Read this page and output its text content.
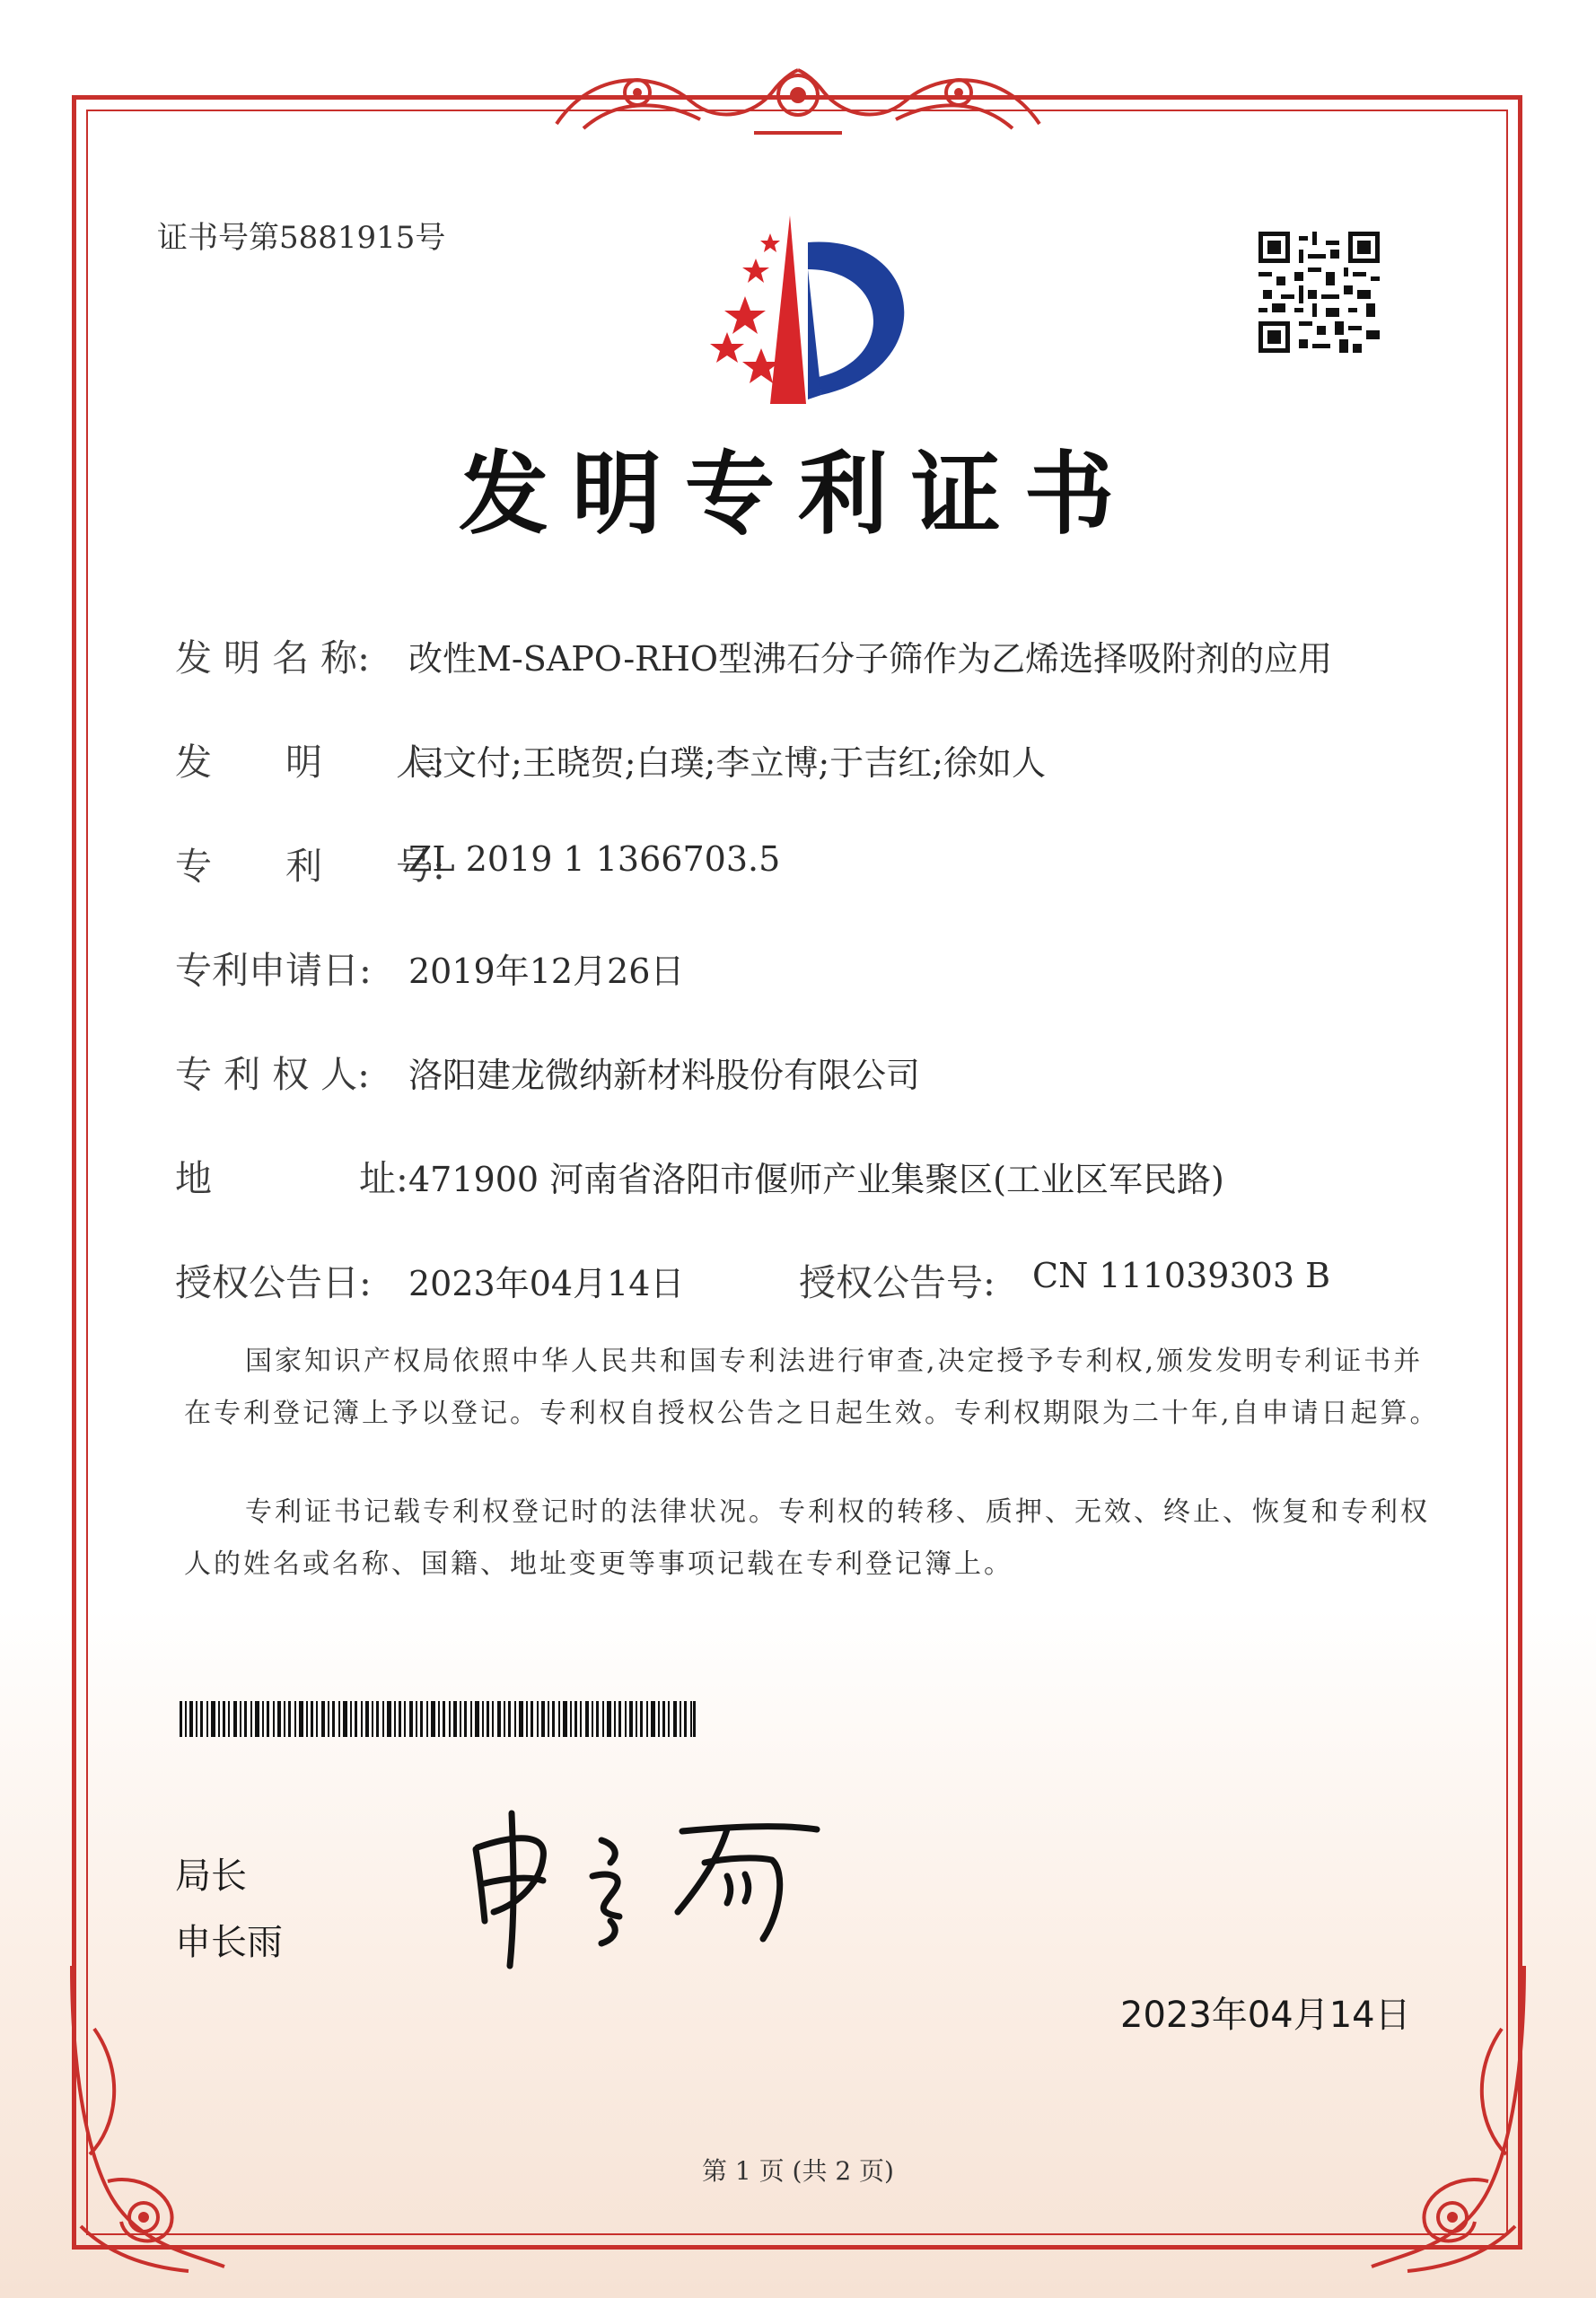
证书号第5881915号
发明专利证书
发 明 名 称: 改性M-SAPO-RHO型沸石分子筛作为乙烯选择吸附剂的应用
发　　明　　人:
闫文付;王晓贺;白璞;李立博;于吉红;徐如人
专　　利　　号:
ZL 2019 1 1366703.5
专利申请日: 2019年12月26日
专 利 权 人: 洛阳建龙微纳新材料股份有限公司
地　　　　址: 471900 河南省洛阳市偃师产业集聚区(工业区军民路)
授权公告日: 2023年04月14日	授权公告号: CN 111039303 B
国家知识产权局依照中华人民共和国专利法进行审查,决定授予专利权,颁发发明专利证书并在专利登记簿上予以登记。专利权自授权公告之日起生效。专利权期限为二十年,自申请日起算。
专利证书记载专利权登记时的法律状况。专利权的转移、质押、无效、终止、恢复和专利权人的姓名或名称、国籍、地址变更等事项记载在专利登记簿上。
局长
申长雨
2023年04月14日
第 1 页 (共 2 页)
